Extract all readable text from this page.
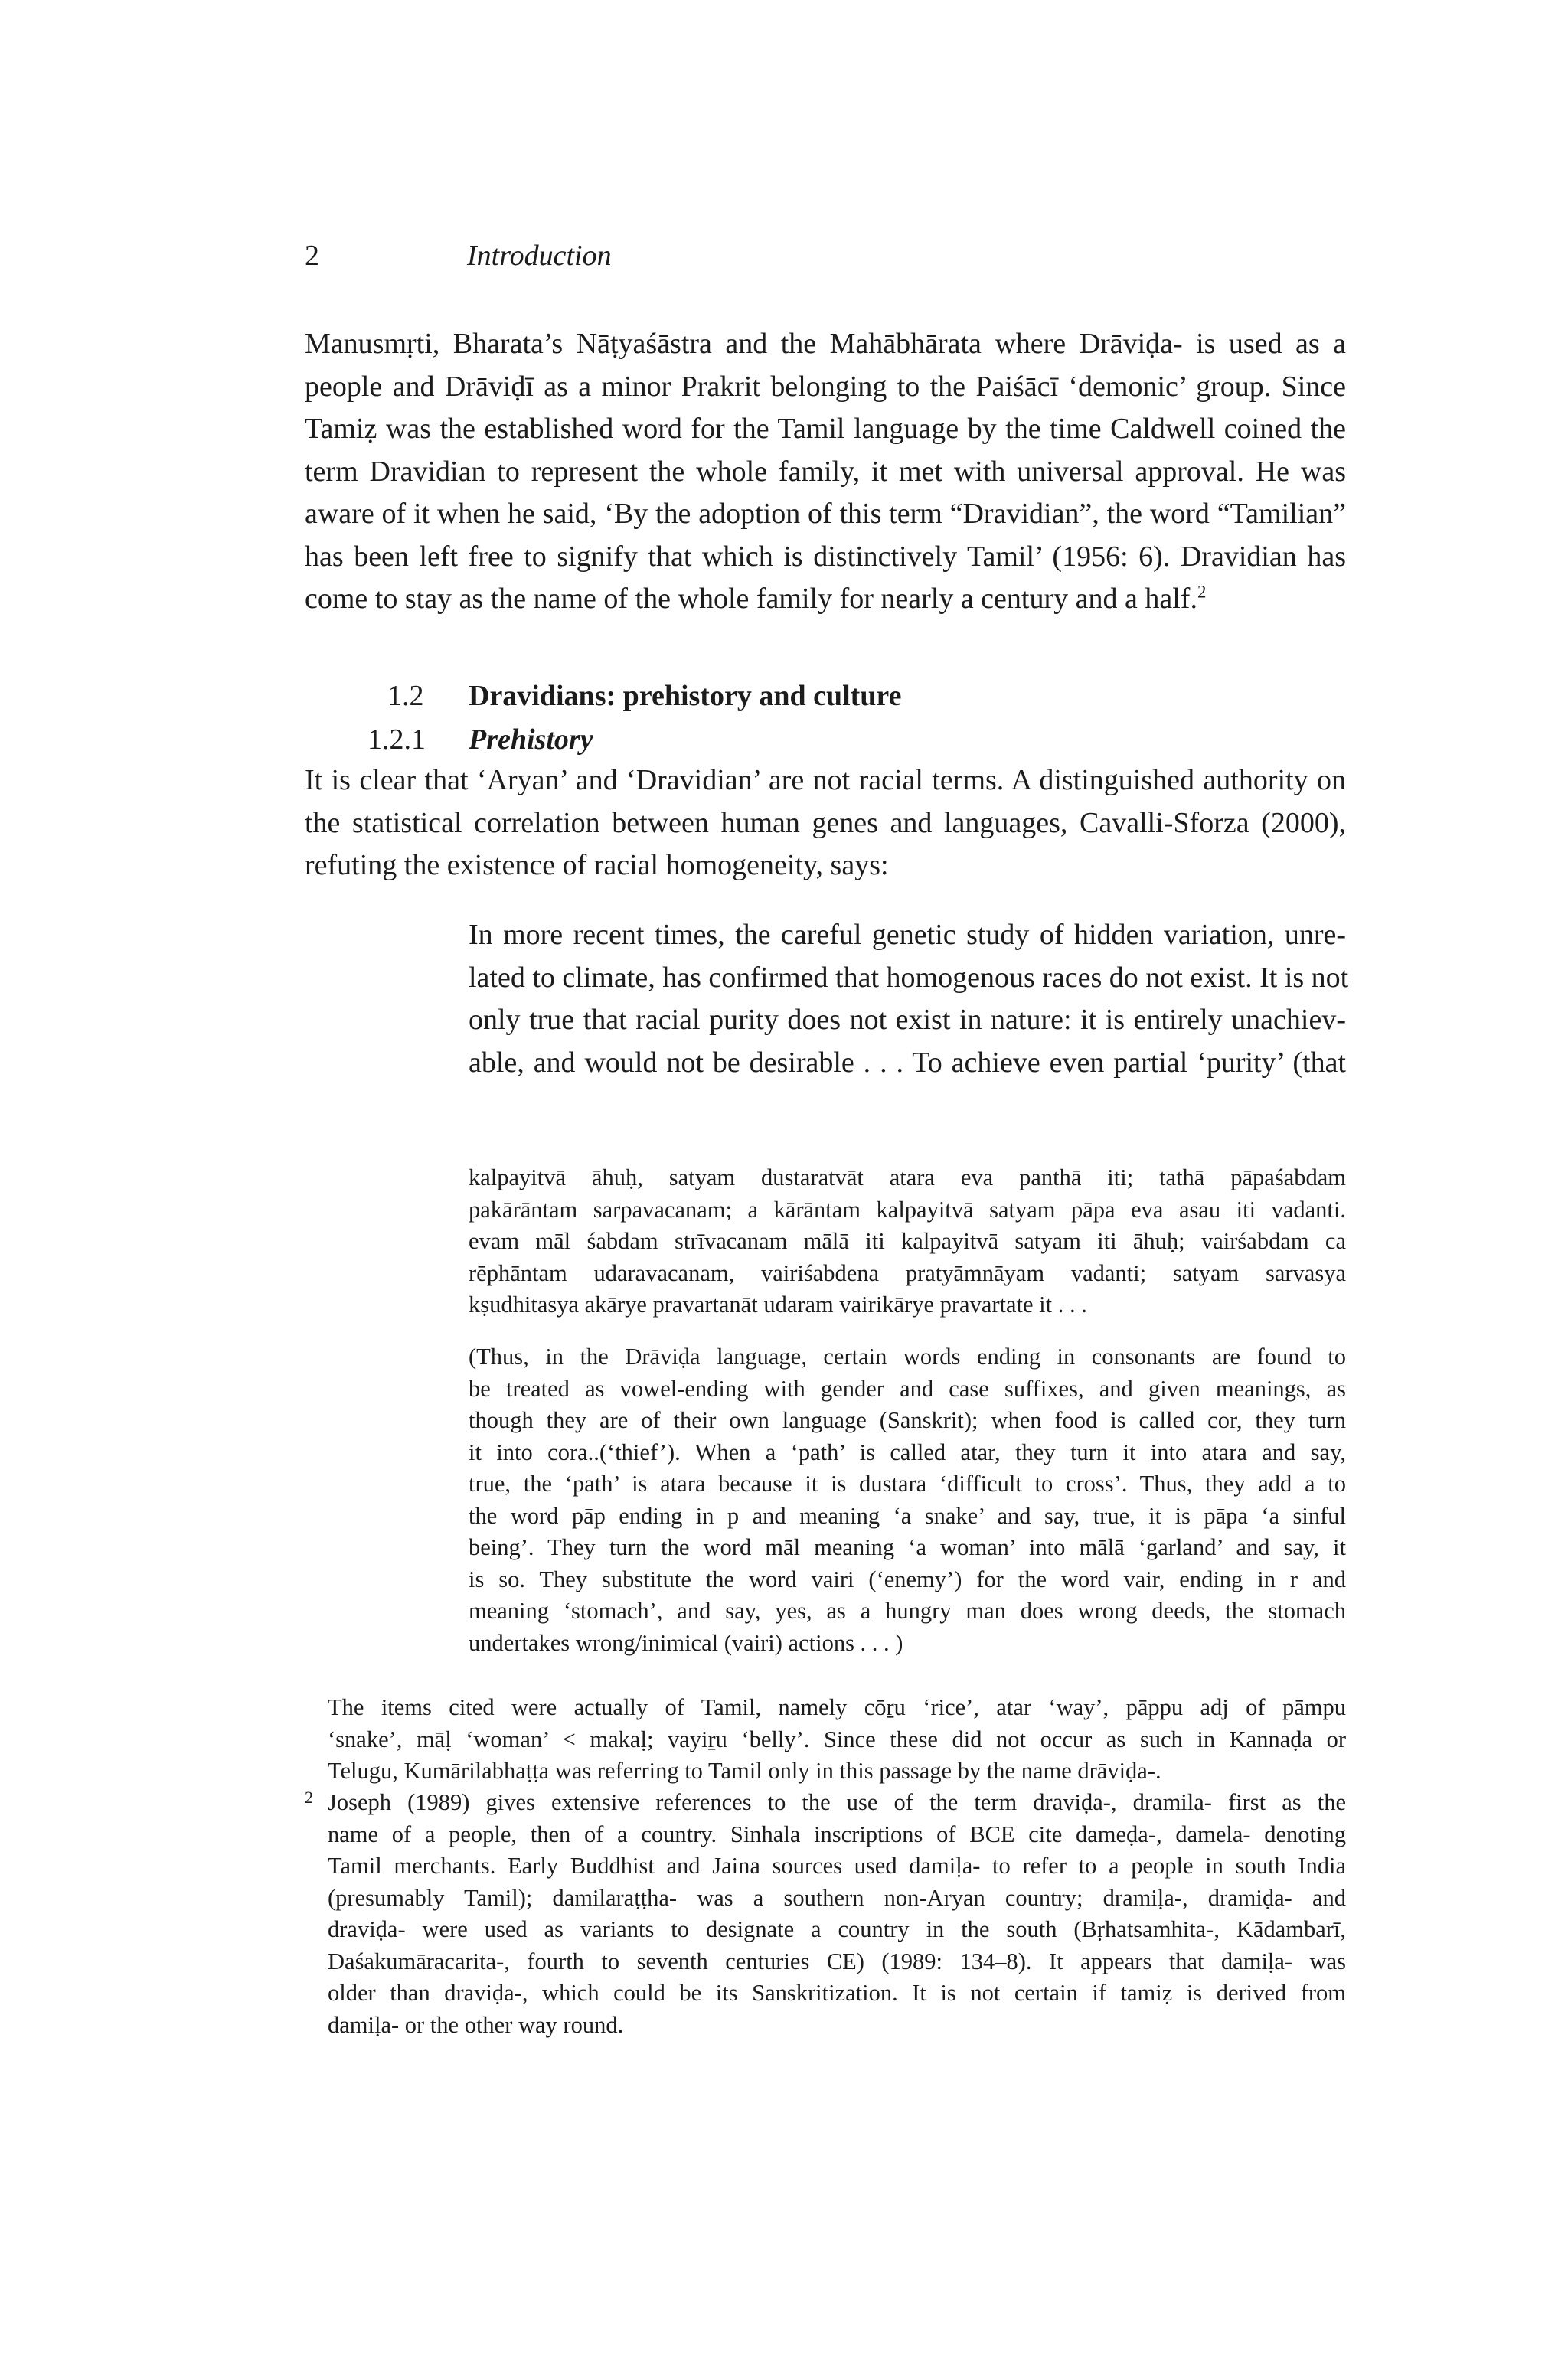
2	Introduction
Manusmṛti, Bharata’s Nāṭyaśāstra and the Mahābhārata where Drāviḍa- is used as a
people and Drāviḍī as a minor Prakrit belonging to the Paiśācī ‘demonic’ group. Since
Tamiẓ was the established word for the Tamil language by the time Caldwell coined the
term Dravidian to represent the whole family, it met with universal approval. He was
aware of it when he said, ‘By the adoption of this term “Dravidian”, the word “Tamilian”
has been left free to signify that which is distinctively Tamil’ (1956: 6). Dravidian has
come to stay as the name of the whole family for nearly a century and a half.$^2$
1.2 Dravidians: prehistory and culture
1.2.1 Prehistory
It is clear that ‘Aryan’ and ‘Dravidian’ are not racial terms. A distinguished authority on
the statistical correlation between human genes and languages, Cavalli-Sforza (2000),
refuting the existence of racial homogeneity, says:
In more recent times, the careful genetic study of hidden variation, unre-
lated to climate, has confirmed that homogenous races do not exist. It is not
only true that racial purity does not exist in nature: it is entirely unachiev-
able, and would not be desirable . . . To achieve even partial ‘purity’ (that
kalpayitvā āhuḥ, satyam dustaratvāt atara eva panthā iti; tathā pāpaśabdam
pakārāntam sarpavacanam; a kārāntam kalpayitvā satyam pāpa eva asau iti vadanti.
evam māl śabdam strīvacanam mālā iti kalpayitvā satyam iti āhuḥ; vairśabdam ca
rēphāntam udaravacanam, vairiśabdena pratyāmnāyam vadanti; satyam sarvasya
kṣudhitasya akārye pravartanāt udaram vairikārye pravartate it . . .
(Thus, in the Drāviḍa language, certain words ending in consonants are found to
be treated as vowel-ending with gender and case suffixes, and given meanings, as
though they are of their own language (Sanskrit); when food is called cor, they turn
it into cora..(‘thief’). When a ‘path’ is called atar, they turn it into atara and say,
true, the ‘path’ is atara because it is dustara ‘difficult to cross’. Thus, they add a to
the word pāp ending in p and meaning ‘a snake’ and say, true, it is pāpa ‘a sinful
being’. They turn the word māl meaning ‘a woman’ into mālā ‘garland’ and say, it
is so. They substitute the word vairi (‘enemy’) for the word vair, ending in r and
meaning ‘stomach’, and say, yes, as a hungry man does wrong deeds, the stomach
undertakes wrong/inimical (vairi) actions . . . )
The items cited were actually of Tamil, namely cōṟu ‘rice’, atar ‘way’, pāppu adj of pāmpu
‘snake’, māḷ ‘woman’ < makaḷ; vayiṟu ‘belly’. Since these did not occur as such in Kannaḍa or
Telugu, Kumārilabhaṭṭa was referring to Tamil only in this passage by the name drāviḍa-.
2 Joseph (1989) gives extensive references to the use of the term draviḍa-, dramila- first as the
name of a people, then of a country. Sinhala inscriptions of BCE cite dameḍa-, damela- denoting
Tamil merchants. Early Buddhist and Jaina sources used damiḷa- to refer to a people in south India
(presumably Tamil); damilaraṭṭha- was a southern non-Aryan country; dramiḷa-, dramiḍa- and
draviḍa- were used as variants to designate a country in the south (Bṛhatsamhita-, Kādambarī,
Daśakumāracarita-, fourth to seventh centuries CE) (1989: 134–8). It appears that damiḷa- was
older than draviḍa-, which could be its Sanskritization. It is not certain if tamiẓ is derived from
damiḷa- or the other way round.
